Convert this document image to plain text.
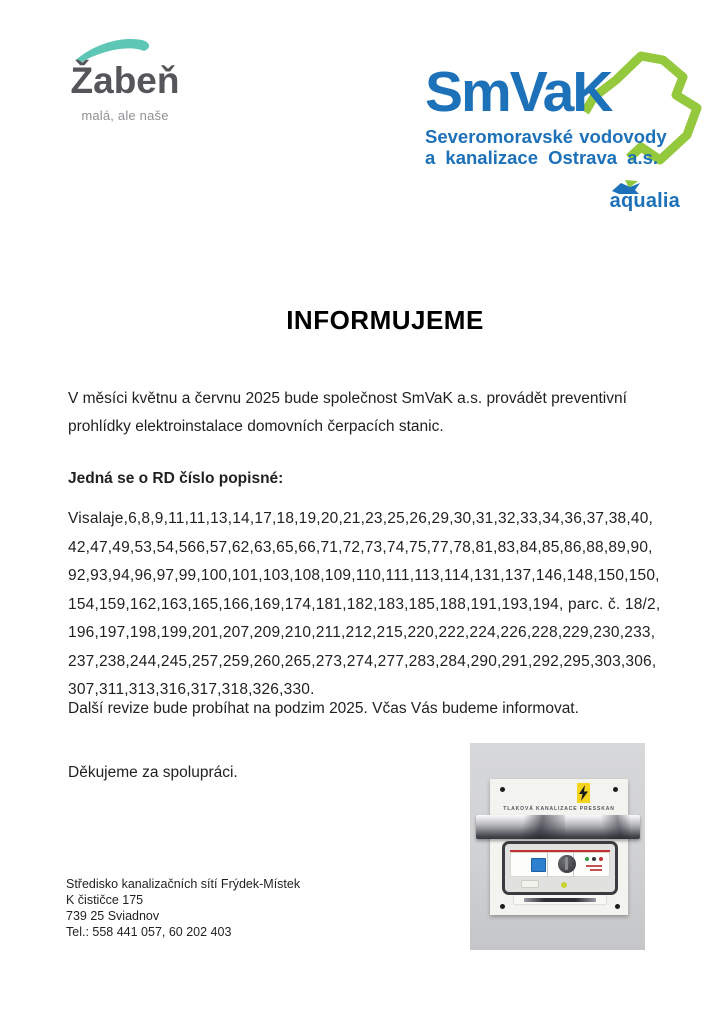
Žabeň
malá, ale naše	SmVaK
Severomoravské vodovody
a kanalizace Ostrava a.s.
aqualia
INFORMUJEME
V měsíci květnu a červnu 2025 bude společnost SmVaK a.s. provádět preventivní prohlídky elektroinstalace domovních čerpacích stanic.
Jedná se o RD číslo popisné:
Visalaje,6,8,9,11,11,13,14,17,18,19,20,21,23,25,26,29,30,31,32,33,34,36,37,38,40,
42,47,49,53,54,566,57,62,63,65,66,71,72,73,74,75,77,78,81,83,84,85,86,88,89,90,
92,93,94,96,97,99,100,101,103,108,109,110,111,113,114,131,137,146,148,150,150,
154,159,162,163,165,166,169,174,181,182,183,185,188,191,193,194, parc. č. 18/2,
196,197,198,199,201,207,209,210,211,212,215,220,222,224,226,228,229,230,233,
237,238,244,245,257,259,260,265,273,274,277,283,284,290,291,292,295,303,306,
307,311,313,316,317,318,326,330.
Další revize bude probíhat na podzim 2025. Včas Vás budeme informovat.
Děkujeme za spolupráci.
Středisko kanalizačních sítí Frýdek-Místek
K čističce 175
739 25 Sviadnov
Tel.: 558 441 057, 60 202 403
TLAKOVÁ KANALIZACE PRESSKAN
